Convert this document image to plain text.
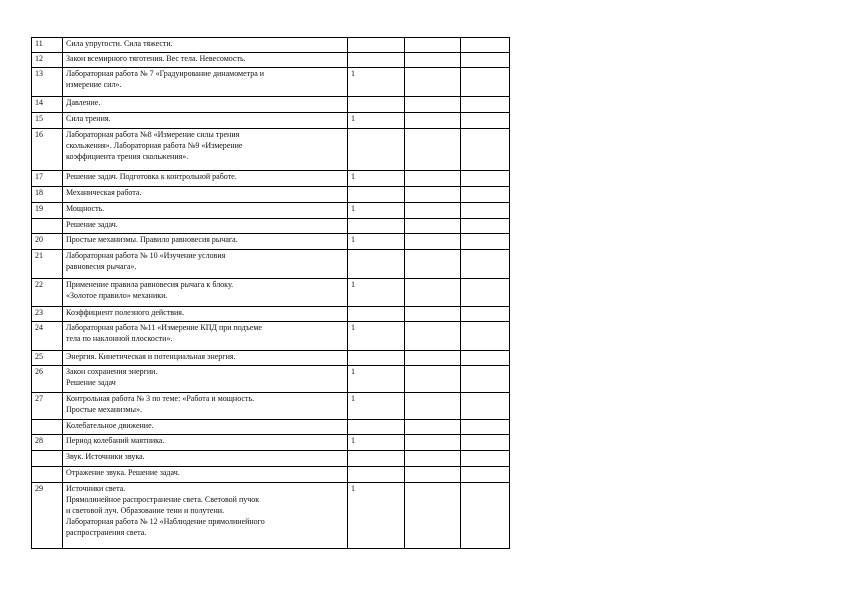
11	Сила упругости. Сила тяжести.			
12	Закон всемирного тяготения. Вес тела. Невесомость.			
13	Лабораторная работа № 7 «Градуирование динамометра и
измерение сил».	1		
14	Давление.			
15	Сила трения.	1		
16	Лабораторная работа №8 «Измерение силы трения
скольжения». Лабораторная работа №9 «Измерение
коэффициента трения скольжения».			
17	Решение задач. Подготовка к контрольной работе.	1		
18	Механическая работа.			
19	Мощность.	1		
	Решение задач.			
20	Простые механизмы. Правило равновесия рычага.	1		
21	Лабораторная работа № 10 «Изучение условия
равновесия рычага».			
22	Применение правила равновесия рычага к блоку.
«Золотое правило» механики.	1		
23	Коэффициент полезного действия.			
24	Лабораторная работа №11 «Измерение КПД при подъеме
тела по наклонной плоскости».	1		
25	Энергия. Кинетическая и потенциальная энергия.			
26	Закон сохранения энергии.
Решение задач	1		
27	Контрольная работа № 3 по теме: «Работа и мощность.
Простые механизмы».	1		
	Колебательное движение.			
28	Период колебаний маятника.	1		
	Звук. Источники звука.			
	Отражение звука. Решение задач.			
29	Источники света.
Прямолинейное распространение света. Световой пучок
и световой луч. Образование тени и полутени.
Лабораторная работа № 12 «Наблюдение прямолинейного
распространения света.	1		
